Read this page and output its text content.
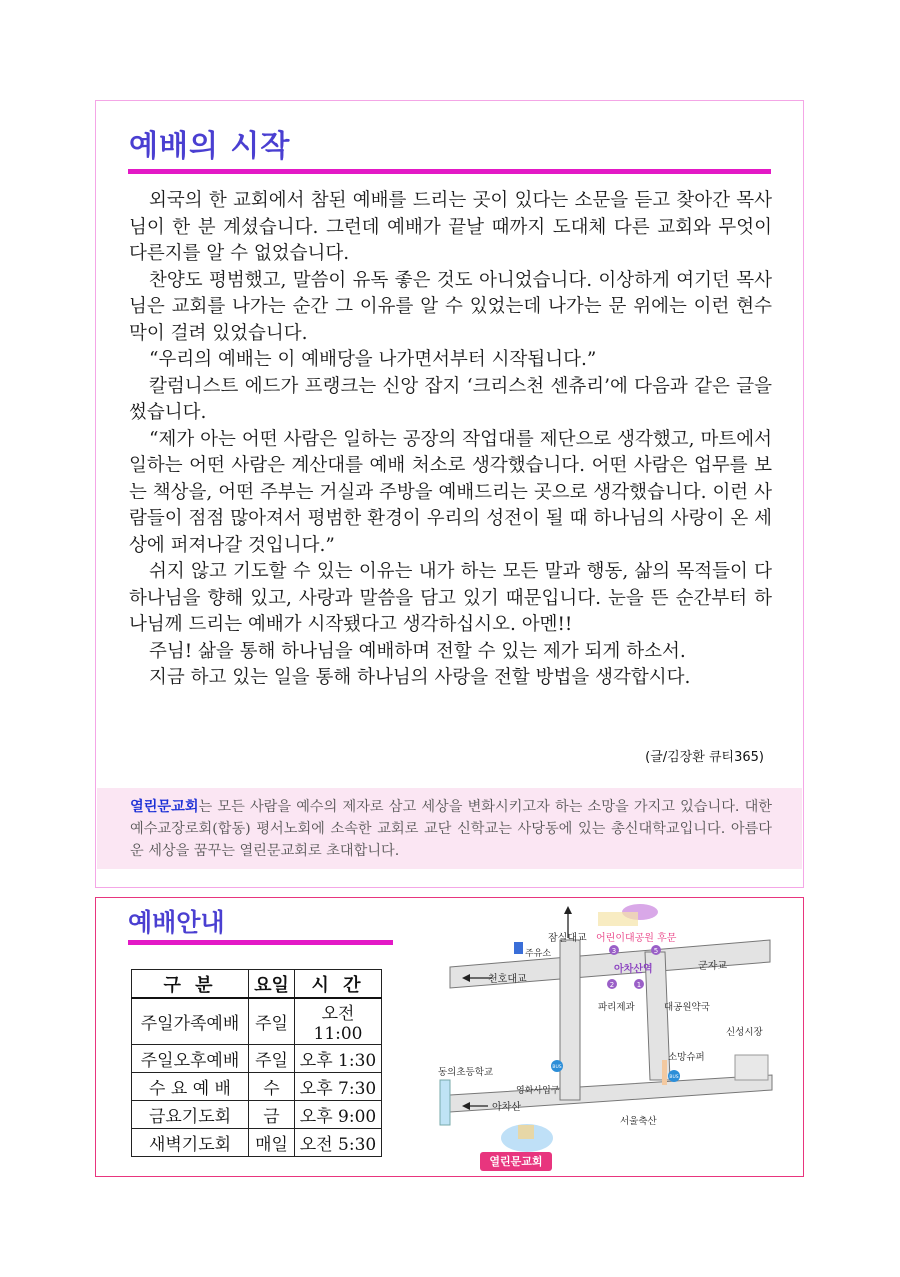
예배의 시작

외국의 한 교회에서 참된 예배를 드리는 곳이 있다는 소문을 듣고 찾아간 목사님이 한 분 계셨습니다. 그런데 예배가 끝날 때까지 도대체 다른 교회와 무엇이 다른지를 알 수 없었습니다.

찬양도 평범했고, 말씀이 유독 좋은 것도 아니었습니다. 이상하게 여기던 목사님은 교회를 나가는 순간 그 이유를 알 수 있었는데 나가는 문 위에는 이런 현수막이 걸려 있었습니다.

“우리의 예배는 이 예배당을 나가면서부터 시작됩니다.”

칼럼니스트 에드가 프랭크는 신앙 잡지 ‘크리스천 센츄리’에 다음과 같은 글을 썼습니다.

“제가 아는 어떤 사람은 일하는 공장의 작업대를 제단으로 생각했고, 마트에서 일하는 어떤 사람은 계산대를 예배 처소로 생각했습니다. 어떤 사람은 업무를 보는 책상을, 어떤 주부는 거실과 주방을 예배드리는 곳으로 생각했습니다. 이런 사람들이 점점 많아져서 평범한 환경이 우리의 성전이 될 때 하나님의 사랑이 온 세상에 퍼져나갈 것입니다.”

쉬지 않고 기도할 수 있는 이유는 내가 하는 모든 말과 행동, 삶의 목적들이 다 하나님을 향해 있고, 사랑과 말씀을 담고 있기 때문입니다. 눈을 뜬 순간부터 하나님께 드리는 예배가 시작됐다고 생각하십시오. 아멘!!

주님! 삶을 통해 하나님을 예배하며 전할 수 있는 제가 되게 하소서.

지금 하고 있는 일을 통해 하나님의 사랑을 전할 방법을 생각합시다.

(글/김장환 큐티365)
열린문교회는 모든 사람을 예수의 제자로 삼고 세상을 변화시키고자 하는 소망을 가지고 있습니다. 대한예수교장로회(합동) 평서노회에 소속한 교회로 교단 신학교는 사당동에 있는 총신대학교입니다. 아름다운 세상을 꿈꾸는 열린문교회로 초대합니다.
예배안내
구 분	요일	시 간
주일가족예배	주일	오전11:00
주일오후예배	주일	오후 1:30
수 요 예 배	수	오후 7:30
금요기도회	금	오후 9:00
새벽기도회	매일	오전 5:30
3	5
2	1
BUS
BUS
잠실대교 어린이대공원 후문
주유소
천호대교
아차산역	군자교
파리제과	대공원약국
신성시장
소망슈퍼
동의초등학교
영화사입구
아차산
서울축산
열린문교회
